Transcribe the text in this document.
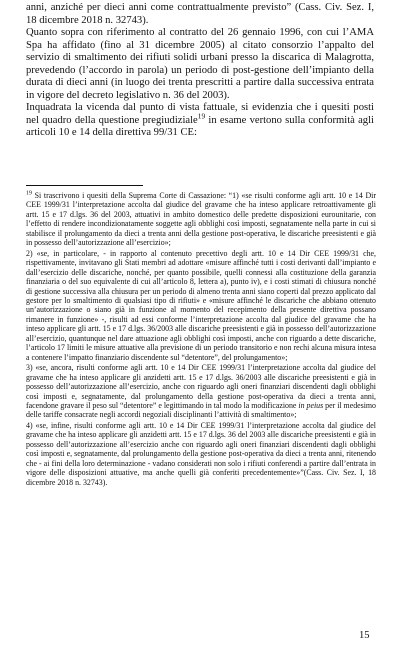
anni, anziché per dieci anni come contrattualmente previsto” (Cass. Civ. Sez. I, 18 dicembre 2018 n. 32743).

Quanto sopra con riferimento al contratto del 26 gennaio 1996, con cui l’AMA Spa ha affidato (fino al 31 dicembre 2005) al citato consorzio l’appalto del servizio di smaltimento dei rifiuti solidi urbani presso la discarica di Malagrotta, prevedendo (l’accordo in parola) un periodo di post-gestione dell’impianto della durata di dieci anni (in luogo dei trenta prescritti a partire dalla successiva entrata in vigore del decreto legislativo n. 36 del 2003).

Inquadrata la vicenda dal punto di vista fattuale, si evidenzia che i quesiti posti nel quadro della questione pregiudiziale$^{19}$ in esame vertono sulla conformità agli articoli 10 e 14 della direttiva 99/31 CE:

$^{19}$ Si trascrivono i quesiti della Suprema Corte di Cassazione: “1) «se risulti conforme agli artt. 10 e 14 Dir CEE 1999/31 l’interpretazione accolta dal giudice del gravame che ha inteso applicare retroattivamente gli artt. 15 e 17 d.lgs. 36 del 2003, attuativi in ambito domestico delle predette disposizioni eurounitarie, con l’effetto di rendere incondizionatamente soggette agli obblighi così imposti, segnatamente nella parte in cui si stabilisce il prolungamento da dieci a trenta anni della gestione post-operativa, le discariche preesistenti e già in possesso dell’autorizzazione all’esercizio»;

2) «se, in particolare, - in rapporto al contenuto precettivo degli artt. 10 e 14 Dir CEE 1999/31 che, rispettivamente, invitavano gli Stati membri ad adottare «misure affinché tutti i costi derivanti dall’impianto e dall’esercizio delle discariche, nonché, per quanto possibile, quelli connessi alla costituzione della garanzia finanziaria o del suo equivalente di cui all’articolo 8, lettera a), punto iv), e i costi stimati di chiusura nonché di gestione successiva alla chiusura per un periodo di almeno trenta anni siano coperti dal prezzo applicato dal gestore per lo smaltimento di qualsiasi tipo di rifiuti» e «misure affinché le discariche che abbiano ottenuto un’autorizzazione o siano già in funzione al momento del recepimento della presente direttiva possano rimanere in funzione» -, risulti ad essi conforme l’interpretazione accolta dal giudice del gravame che ha inteso applicare gli artt. 15 e 17 d.lgs. 36/2003 alle discariche preesistenti e già in possesso dell’autorizzazione all’esercizio, quantunque nel dare attuazione agli obblighi così imposti, anche con riguardo a dette discariche, l’articolo 17 limiti le misure attuative alla previsione di un periodo transitorio e non rechi alcuna misura intesa a contenere l’impatto finanziario discendente sul “detentore”, del prolungamento»;

3) «se, ancora, risulti conforme agli artt. 10 e 14 Dir CEE 1999/31 l’interpretazione accolta dal giudice del gravame che ha inteso applicare gli anzidetti artt. 15 e 17 d.lgs. 36/2003 alle discariche preesistenti e già in possesso dell’autorizzazione all’esercizio, anche con riguardo agli oneri finanziari discendenti dagli obblighi così imposti e, segnatamente, dal prolungamento della gestione post-operativa da dieci a trenta anni, facendone gravare il peso sul “detentore” e legittimando in tal modo la modificazione in peius per il medesimo delle tariffe consacrate negli accordi negoziali disciplinanti l’attività di smaltimento»;

4) «se, infine, risulti conforme agli artt. 10 e 14 Dir CEE 1999/31 l’interpretazione accolta dal giudice del gravame che ha inteso applicare gli anzidetti artt. 15 e 17 d.lgs. 36 del 2003 alle discariche preesistenti e già in possesso dell’autorizzazione all’esercizio anche con riguardo agli oneri finanziari discendenti dagli obblighi così imposti e, segnatamente, dal prolungamento della gestione post-operativa da dieci a trenta anni, ritenendo che - ai fini della loro determinazione - vadano considerati non solo i rifiuti conferendi a partire dall’entrata in vigore delle disposizioni attuative, ma anche quelli già conferiti precedentemente»”(Cass. Civ. Sez. I, 18 dicembre 2018 n. 32743).

15
